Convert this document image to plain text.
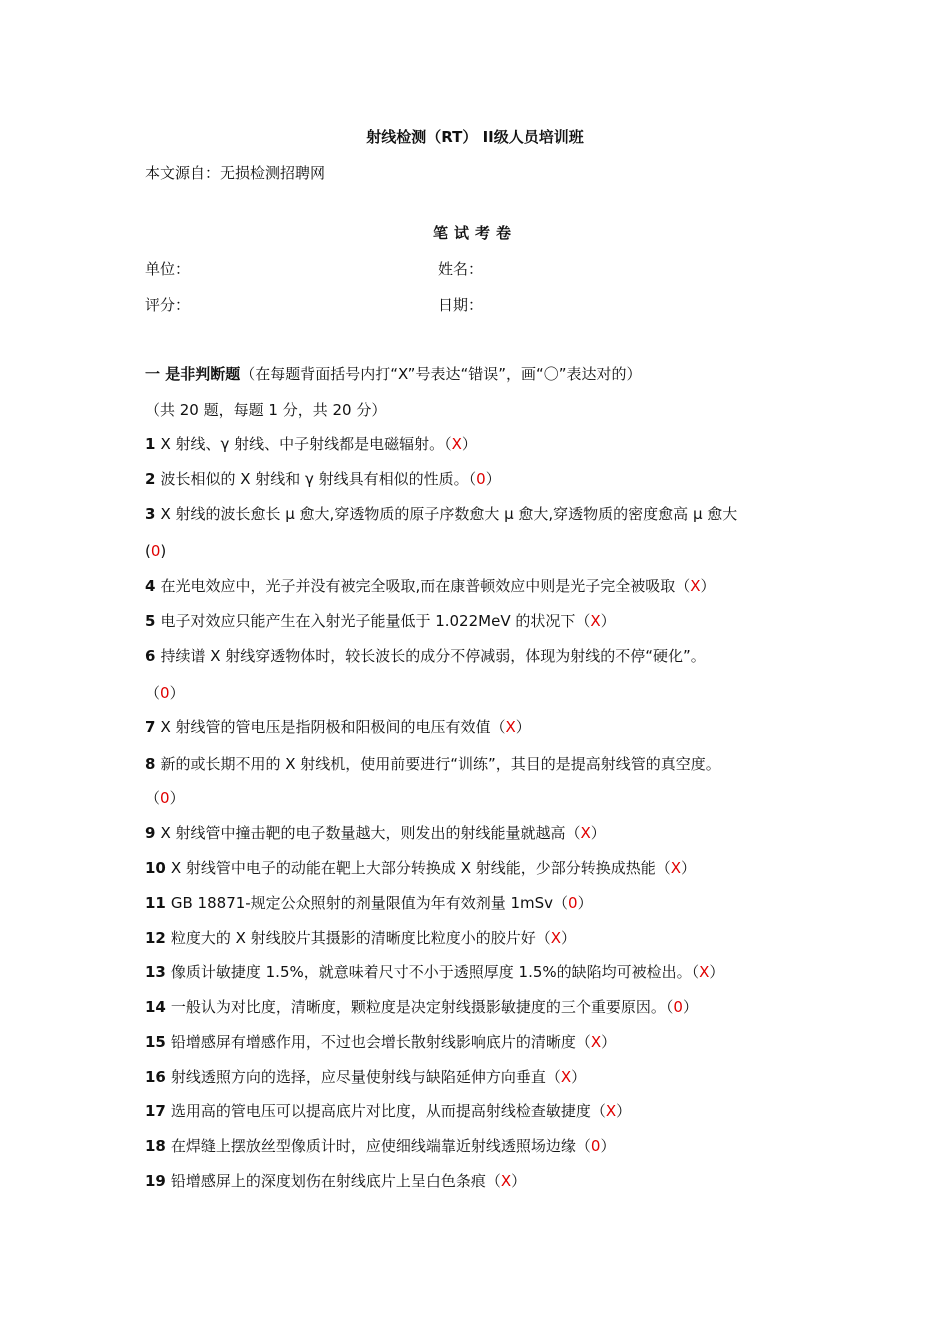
射线检测（RT） II级人员培训班
本文源自：无损检测招聘网
笔试考卷
单位：	姓名：
评分：	日期：
一 是非判断题（在每题背面括号内打“X”号表达“错误”，画“〇”表达对的）
（共 20 题，每题 1 分，共 20 分）
1 X 射线、γ 射线、中子射线都是电磁辐射。（X）
2 波长相似的 X 射线和 γ 射线具有相似的性质。（0）
3 X 射线的波长愈长 μ 愈大,穿透物质的原子序数愈大 μ 愈大,穿透物质的密度愈高 μ 愈大
(0)
4 在光电效应中，光子并没有被完全吸取,而在康普顿效应中则是光子完全被吸取（X）
5 电子对效应只能产生在入射光子能量低于 1.022MeV 的状况下（X）
6 持续谱 X 射线穿透物体时，较长波长的成分不停减弱，体现为射线的不停“硬化”。
（0）
7 X 射线管的管电压是指阴极和阳极间的电压有效值（X）
8 新的或长期不用的 X 射线机，使用前要进行“训练”，其目的是提高射线管的真空度。
（0）
9 X 射线管中撞击靶的电子数量越大，则发出的射线能量就越高（X）
10 X 射线管中电子的动能在靶上大部分转换成 X 射线能，少部分转换成热能（X）
11 GB 18871-规定公众照射的剂量限值为年有效剂量 1mSv（0）
12 粒度大的 X 射线胶片其摄影的清晰度比粒度小的胶片好（X）
13 像质计敏捷度 1.5%，就意味着尺寸不小于透照厚度 1.5%的缺陷均可被检出。（X）
14 一般认为对比度，清晰度，颗粒度是决定射线摄影敏捷度的三个重要原因。（0）
15 铅增感屏有增感作用，不过也会增长散射线影响底片的清晰度（X）
16 射线透照方向的选择，应尽量使射线与缺陷延伸方向垂直（X）
17 选用高的管电压可以提高底片对比度，从而提高射线检查敏捷度（X）
18 在焊缝上摆放丝型像质计时，应使细线端靠近射线透照场边缘（0）
19 铅增感屏上的深度划伤在射线底片上呈白色条痕（X）
